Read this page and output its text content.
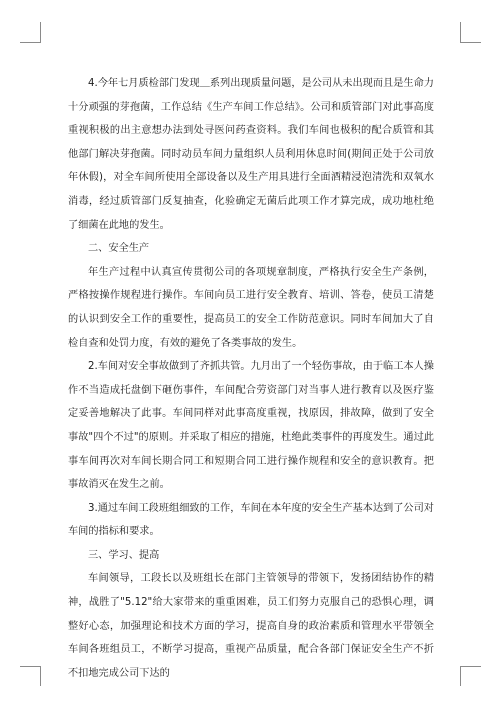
4.今年七月质检部门发现＿系列出现质量问题，是公司从未出现而且是生命力十分顽强的芽孢菌，工作总结《生产车间工作总结》。公司和质管部门对此事高度重视积极的出主意想办法到处寻医问药查资料。我们车间也极积的配合质管和其他部门解决芽孢菌。同时动员车间力量组织人员利用休息时间(期间正处于公司放年休假)，对全车间所使用全部设备以及生产用具进行全面酒精浸泡清洗和双氧水消毒，经过质管部门反复抽查，化验确定无菌后此项工作才算完成，成功地杜绝了细菌在此地的发生。

二、安全生产

年生产过程中认真宣传贯彻公司的各项规章制度，严格执行安全生产条例，严格按操作规程进行操作。车间向员工进行安全教育、培训、答卷，使员工清楚的认识到安全工作的重要性，提高员工的安全工作防范意识。同时车间加大了自检自查和处罚力度，有效的避免了各类事故的发生。

2.车间对安全事故做到了齐抓共管。九月出了一个轻伤事故，由于临工本人操作不当造成托盘倒下砸伤事件，车间配合劳资部门对当事人进行教育以及医疗鉴定妥善地解决了此事。车间同样对此事高度重视，找原因，排故障，做到了安全事故"四个不过"的原则。并采取了相应的措施，杜绝此类事件的再度发生。通过此事车间再次对车间长期合同工和短期合同工进行操作规程和安全的意识教育。把事故消灭在发生之前。

3.通过车间工段班组细致的工作，车间在本年度的安全生产基本达到了公司对车间的指标和要求。

三、学习、提高

车间领导，工段长以及班组长在部门主管领导的带领下，发扬团结协作的精神，战胜了"5.12"给大家带来的重重困难，员工们努力克服自己的恐惧心理，调整好心态，加强理论和技术方面的学习，提高自身的政治素质和管理水平带领全车间各班组员工，不断学习提高，重视产品质量，配合各部门保证安全生产不折不扣地完成公司下达的
